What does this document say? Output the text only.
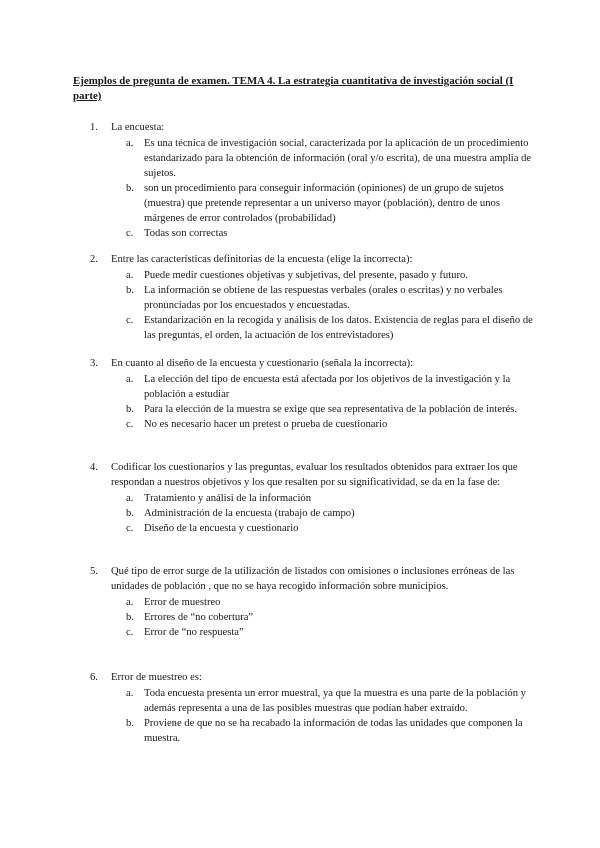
Ejemplos de pregunta de examen. TEMA 4. La estrategia cuantitativa de investigación social (I parte)
1.	La encuesta:
a.	Es una técnica de investigación social, caracterizada por la aplicación de un procedimiento estandarizado para la obtención de información (oral y/o escrita), de una muestra amplia de sujetos.
b. son un procedimiento para conseguir información (opiniones) de un grupo de sujetos (muestra) que pretende representar a un universo mayor (población), dentro de unos márgenes de error controlados (probabilidad)
c.	Todas son correctas
2.	Entre las características definitorias de la encuesta (elige la incorrecta):
a.	Puede medir cuestiones objetivas y subjetivas, del presente, pasado y futuro.
b. La información se obtiene de las respuestas verbales (orales o escritas) y no verbales pronunciadas por los encuestados y encuestadas.
c.	Estandarización en la recogida y análisis de los datos. Existencia de reglas para el diseño de las preguntas, el orden, la actuación de los entrevistadores)
3.	En cuanto al diseño de la encuesta y cuestionario (señala la incorrecta):
a.	La elección del tipo de encuesta está afectada por los objetivos de la investigación y la población a estudiar
b. Para la elección de la muestra se exige que sea representativa de la población de interés.
c.	No es necesario hacer un pretest o prueba de cuestionario
4.	Codificar los cuestionarios y las preguntas, evaluar los resultados obtenidos para extraer los que respondan a nuestros objetivos y los que resalten por su significatividad, se da en la fase de:
a.	Tratamiento y análisi de la información
b. Administración de la encuesta (trabajo de campo)
c.	Diseño de la encuesta y cuestionario
5.	Qué tipo de error surge de la utilización de listados con omisiones o inclusiones erróneas de las unidades de población , que no se haya recogido información sobre municipios.
a.	Error de muestreo
b. Errores de “no cobertura”
c.	Error de “no respuesta”
6.	Error de muestreo es:
a.	Toda encuesta presenta un error muestral, ya que la muestra es una parte de la población y además representa a una de las posibles muestras que podían haber extraído.
b. Proviene de que no se ha recabado la información de todas las unidades que componen la muestra.
